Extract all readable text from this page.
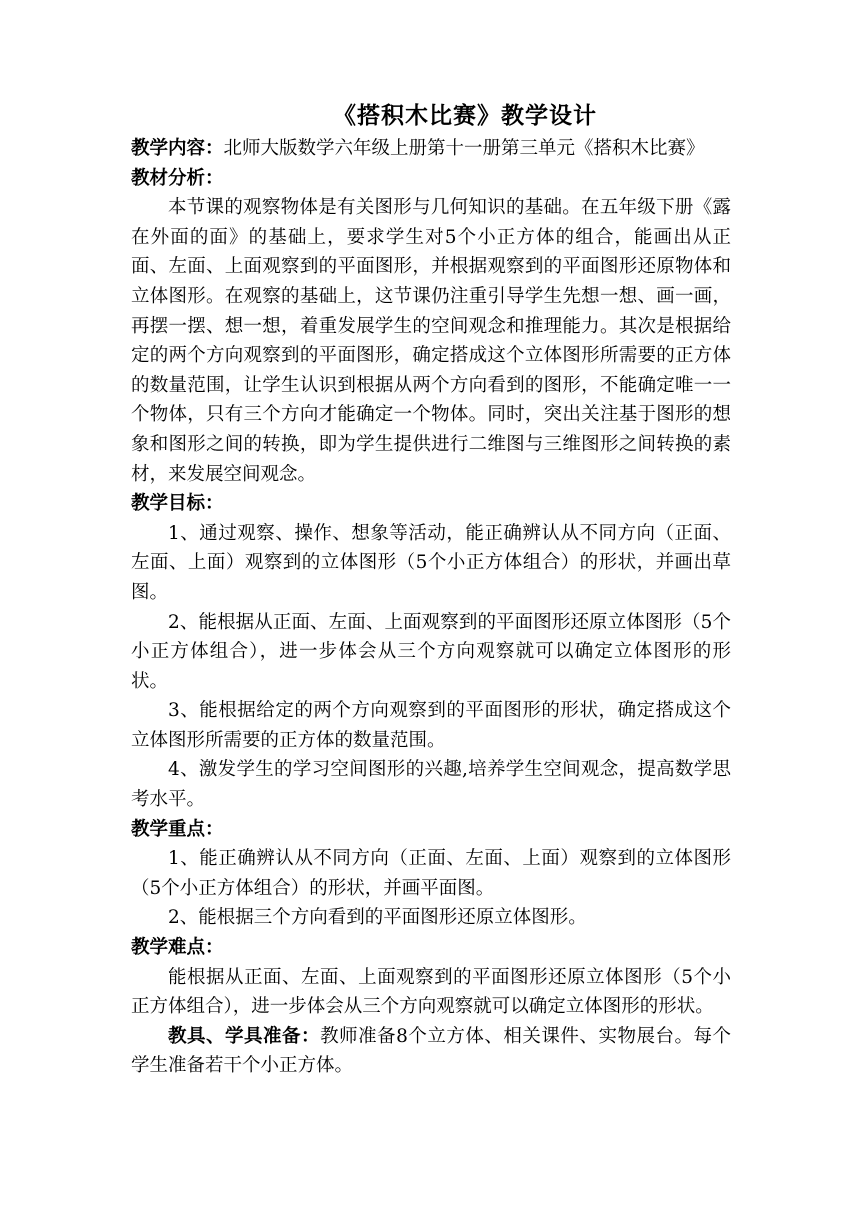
《搭积木比赛》教学设计

教学内容：北师大版数学六年级上册第十一册第三单元《搭积木比赛》

教材分析：

本节课的观察物体是有关图形与几何知识的基础。在五年级下册《露在外面的面》的基础上，要求学生对5个小正方体的组合，能画出从正面、左面、上面观察到的平面图形，并根据观察到的平面图形还原物体和立体图形。在观察的基础上，这节课仍注重引导学生先想一想、画一画，再摆一摆、想一想，着重发展学生的空间观念和推理能力。其次是根据给定的两个方向观察到的平面图形，确定搭成这个立体图形所需要的正方体的数量范围，让学生认识到根据从两个方向看到的图形，不能确定唯一一个物体，只有三个方向才能确定一个物体。同时，突出关注基于图形的想象和图形之间的转换，即为学生提供进行二维图与三维图形之间转换的素材，来发展空间观念。

教学目标：

1、通过观察、操作、想象等活动，能正确辨认从不同方向（正面、左面、上面）观察到的立体图形（5个小正方体组合）的形状，并画出草图。

2、能根据从正面、左面、上面观察到的平面图形还原立体图形（5个小正方体组合），进一步体会从三个方向观察就可以确定立体图形的形状。

3、能根据给定的两个方向观察到的平面图形的形状，确定搭成这个立体图形所需要的正方体的数量范围。

4、激发学生的学习空间图形的兴趣,培养学生空间观念，提高数学思考水平。

教学重点：

1、能正确辨认从不同方向（正面、左面、上面）观察到的立体图形（5个小正方体组合）的形状，并画平面图。

2、能根据三个方向看到的平面图形还原立体图形。

教学难点：

能根据从正面、左面、上面观察到的平面图形还原立体图形（5个小正方体组合），进一步体会从三个方向观察就可以确定立体图形的形状。

教具、学具准备：教师准备8个立方体、相关课件、实物展台。每个学生准备若干个小正方体。
